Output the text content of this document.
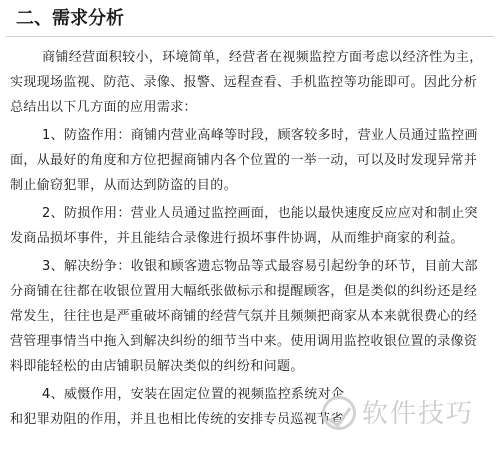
二、需求分析
商铺经营面积较小，环境简单，经营者在视频监控方面考虑以经济性为主，
实现现场监视、防范、录像、报警、远程查看、手机监控等功能即可。因此分析
总结出以下几方面的应用需求：
1、防盗作用：商铺内营业高峰等时段，顾客较多时，营业人员通过监控画
面，从最好的角度和方位把握商铺内各个位置的一举一动，可以及时发现异常并
制止偷窃犯罪，从而达到防盗的目的。
2、防损作用：营业人员通过监控画面，也能以最快速度反应应对和制止突
发商品损坏事件，并且能结合录像进行损坏事件协调，从而维护商家的利益。
3、解决纷争：收银和顾客遗忘物品等式最容易引起纷争的环节，目前大部
分商铺在往都在收银位置用大幅纸张做标示和提醒顾客，但是类似的纠纷还是经
常发生，往往也是严重破坏商铺的经营气氛并且频频把商家从本来就很费心的经
营管理事情当中拖入到解决纠纷的细节当中来。使用调用监控收银位置的录像资
料即能轻松的由店铺职员解决类似的纠纷和问题。
4、威慑作用，安装在固定位置的视频监控系统对企
和犯罪劝阻的作用，并且也相比传统的安排专员巡视节省 软件技巧
